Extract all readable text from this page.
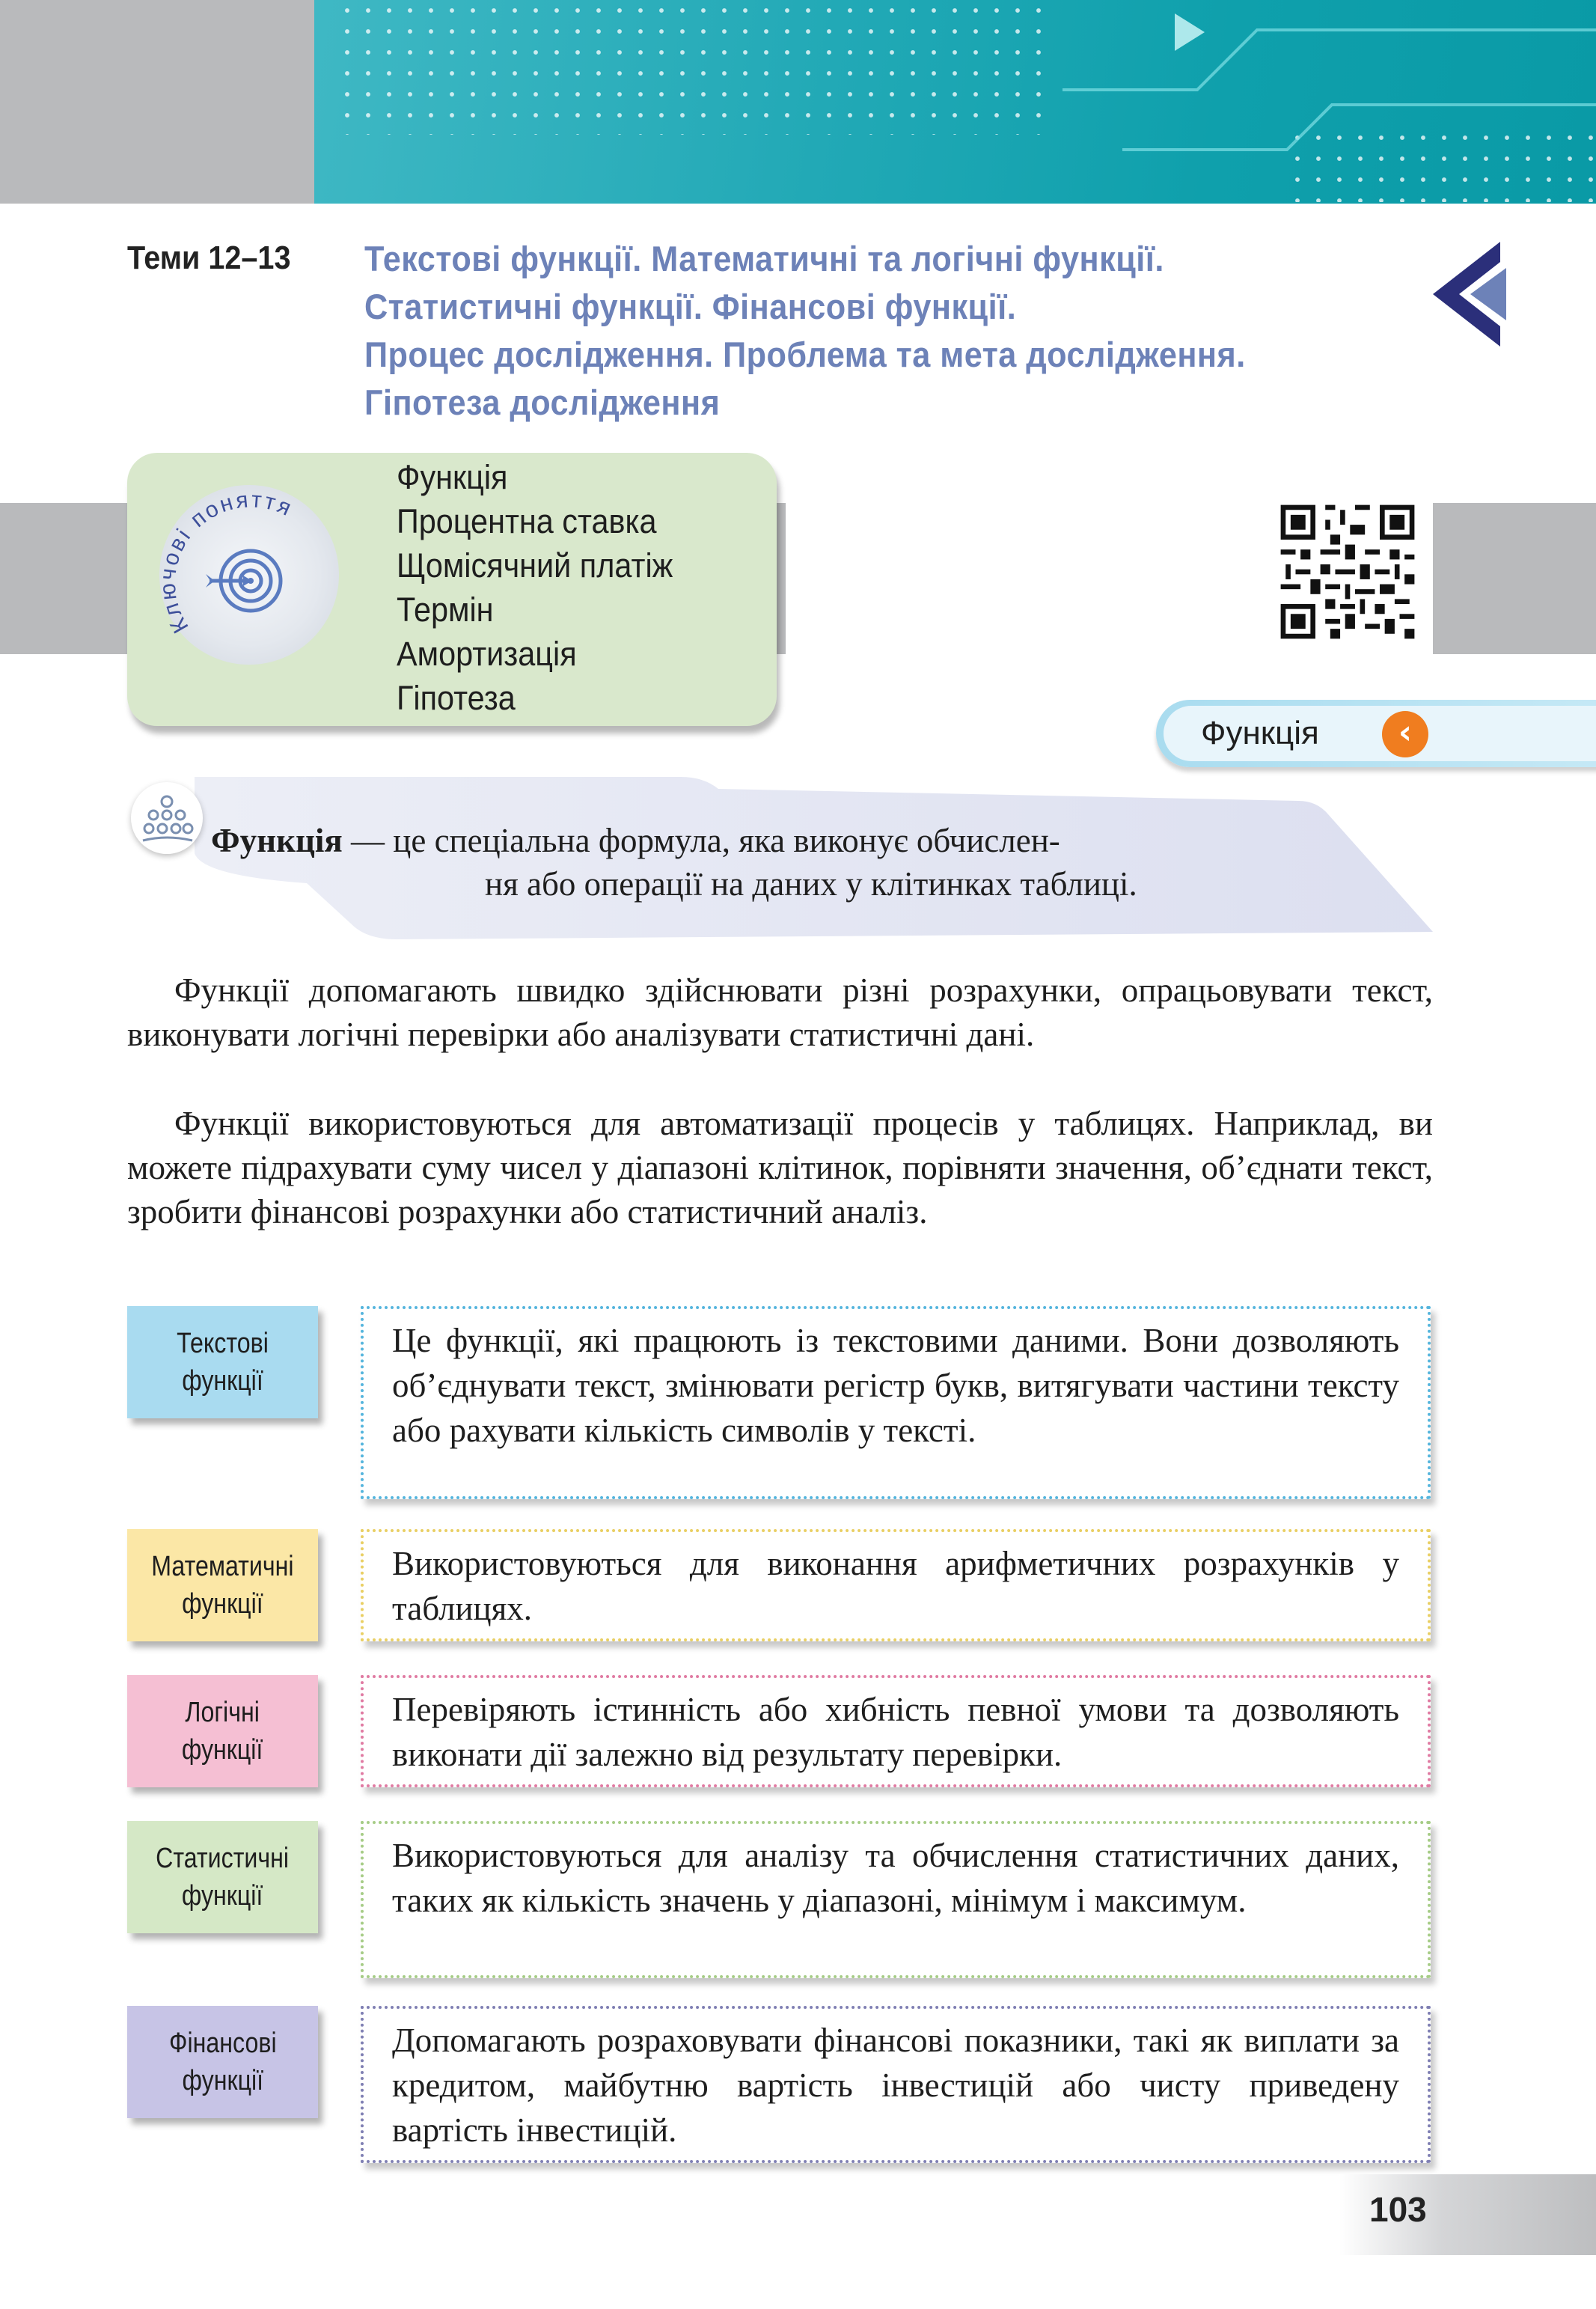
Теми 12–13 Текстові функції. Математичні та логічні функції.
Статистичні функції. Фінансові функції.
Процес дослідження. Проблема та мета дослідження.
Гіпотеза дослідження
Кл ові поняття
Функція
Процентна ставка
Щомісячний платіж
Термін
Амортизація
Гіпотеза
Функція	‹
Функція — це спеціальна формула, яка виконує обчислен-
ня або операції на даних у клітинках таблиці.
Функції допомагають швидко здійснювати різні розрахунки, опрацьовувати текст, виконувати логічні перевірки або аналізувати статистичні дані.
Функції використовуються для автоматизації процесів у таблицях. Наприклад, ви можете підрахувати суму чисел у діапазоні клітинок, порівняти значення, об’єднати текст, зробити фінансові розрахунки або статистичний аналіз.
Текстові
функції
Це функції, які працюють із текстовими даними. Вони дозволяють об’єднувати текст, змінювати регістр букв, витягувати частини тексту або рахувати кількість символів у тексті.
Математичні
функції
Використовуються для виконання арифметичних розрахунків у таблицях.
Логічні
функції
Перевіряють істинність або хибність певної умови та дозволяють виконати дії залежно від результату перевірки.
Статистичні
функції
Використовуються для аналізу та обчислення статистичних даних, таких як кількість значень у діапазоні, мінімум і максимум.
Фінансові
функції
Допомагають розраховувати фінансові показники, такі як виплати за кредитом, майбутню вартість інвестицій або чисту приведену вартість інвестицій.
103
